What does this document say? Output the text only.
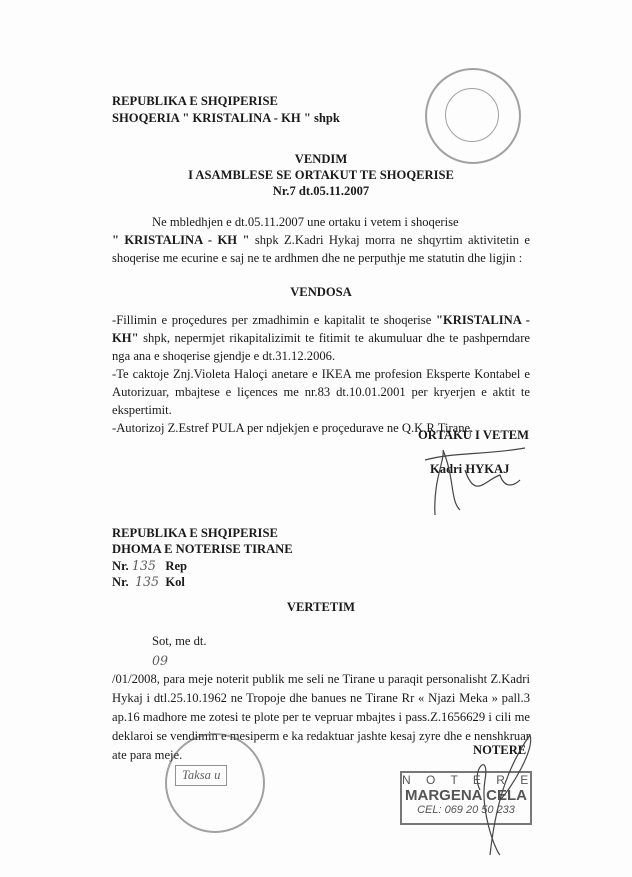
REPUBLIKA E SHQIPERISE
SHOQERIA " KRISTALINA - KH " shpk
VENDIM
I ASAMBLESE SE ORTAKUT TE SHOQERISE
Nr.7 dt.05.11.2007
Ne mbledhjen e dt.05.11.2007 une ortaku i vetem i shoqerise
" KRISTALINA - KH " shpk Z.Kadri Hykaj morra ne shqyrtim aktivitetin e shoqerise me ecurine e saj ne te ardhmen dhe ne perputhje me statutin dhe ligjin :
VENDOSA
-Fillimin e proçedures per zmadhimin e kapitalit te shoqerise "KRISTALINA - KH" shpk, nepermjet rikapitalizimit te fitimit te akumuluar dhe te pashperndare nga ana e shoqerise gjendje e dt.31.12.2006.
-Te caktoje Znj.Violeta Haloçi anetare e IKEA me profesion Eksperte Kontabel e Autorizuar, mbajtese e liçences me nr.83 dt.10.01.2001 per kryerjen e aktit te ekspertimit.
-Autorizoj Z.Estref PULA per ndjekjen e proçedurave ne Q.K.R Tirane.
ORTAKU I VETEM
Kadri HYKAJ
REPUBLIKA E SHQIPERISE
DHOMA E NOTERISE TIRANE
Nr. 135 Rep
Nr. 135 Kol
VERTETIM
Sot, me dt.
09
/01/2008, para meje noterit publik me seli ne Tirane u paraqit personalisht Z.Kadri Hykaj i dtl.25.10.1962 ne Tropoje dhe banues ne Tirane Rr « Njazi Meka » pall.3 ap.16 madhore me zotesi te plote per te vepruar mbajtes i pass.Z.1656629 i cili me deklaroi se vendimin e mesiperm e ka redaktuar jashte kesaj zyre dhe e nenshkruar ate para meje.
Taksa u
NOTERE
N O T E R E
MARGENA CELA
CEL: 069 20 50 233
